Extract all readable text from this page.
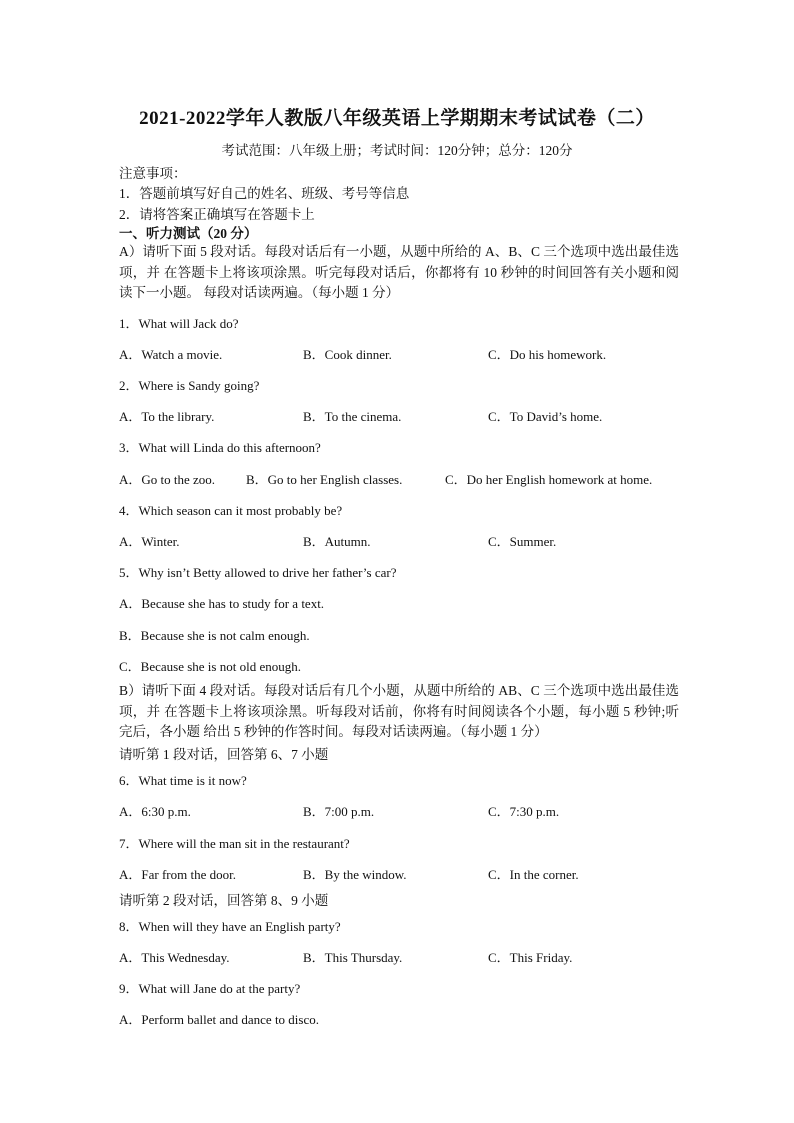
2021-2022学年人教版八年级英语上学期期末考试试卷（二）
考试范围：八年级上册；考试时间：120分钟；总分：120分
注意事项：
1．答题前填写好自己的姓名、班级、考号等信息
2．请将答案正确填写在答题卡上
一、听力测试（20 分）
A）请听下面 5 段对话。每段对话后有一小题，从题中所给的 A、B、C 三个选项中选出最佳选项，并 在答题卡上将该项涂黑。听完每段对话后，你都将有 10 秒钟的时间回答有关小题和阅读下一小题。 每段对话读两遍。（每小题 1 分）
1．What will Jack do?
A．Watch a movie.	B．Cook dinner.	C．Do his homework.
2．Where is Sandy going?
A．To the library.	B．To the cinema.	C．To David’s home.
3．What will Linda do this afternoon?
A．Go to the zoo. B．Go to her English classes.	C．Do her English homework at home.
4．Which season can it most probably be?
A．Winter.	B．Autumn.	C．Summer.
5．Why isn’t Betty allowed to drive her father’s car?
A．Because she has to study for a text.
B．Because she is not calm enough.
C．Because she is not old enough.
B）请听下面 4 段对话。每段对话后有几个小题，从题中所给的 AB、C 三个选项中选出最佳选项，并 在答题卡上将该项涂黑。听每段对话前，你将有时间阅读各个小题，每小题 5 秒钟;听完后，各小题 给出 5 秒钟的作答时间。每段对话读两遍。（每小题 1 分）
请听第 1 段对话，回答第 6、7 小题
6．What time is it now?
A．6:30 p.m.	B．7:00 p.m.	C．7:30 p.m.
7．Where will the man sit in the restaurant?
A．Far from the door.	B．By the window.	C．In the corner.
请听第 2 段对话，回答第 8、9 小题
8．When will they have an English party?
A．This Wednesday.	B．This Thursday.	C．This Friday.
9．What will Jane do at the party?
A．Perform ballet and dance to disco.
